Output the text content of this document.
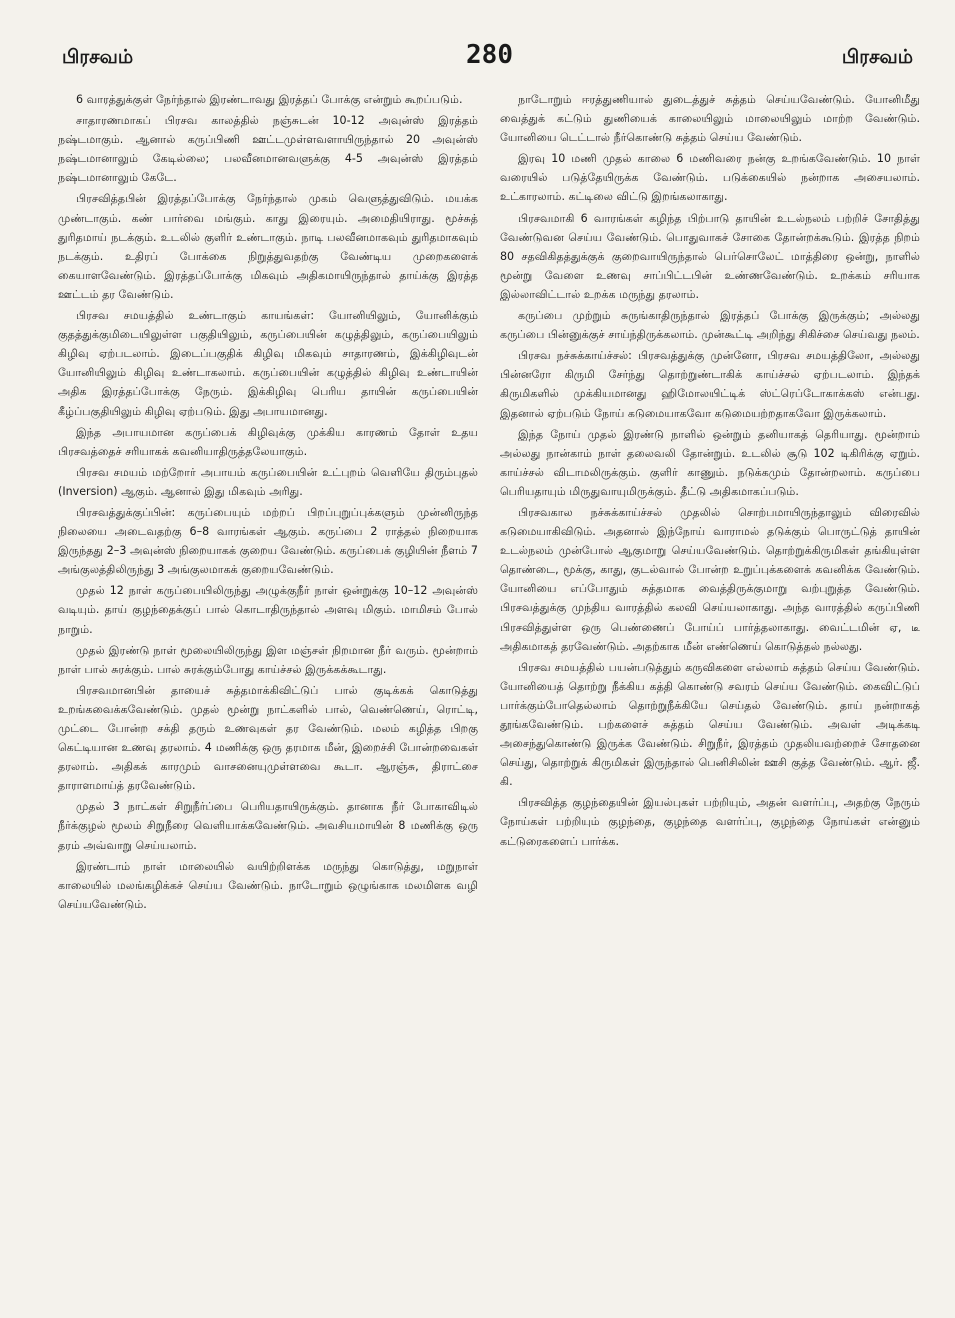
பிரசவம்	280	பிரசவம்

6 வாரத்துக்குள் நேர்ந்தால் இரண்டாவது இரத்தப் போக்கு என்றும் கூறப்படும்.

சாதாரணமாகப் பிரசவ காலத்தில் நஞ்சுடன் 10-12 அவுன்ஸ் இரத்தம் நஷ்டமாகும். ஆனால் கருப்பிணி ஊட்டமுள்ளவளாயிருந்தால் 20 அவுன்ஸ் நஷ்டமானாலும் கேடில்லை; பலவீனமானவளுக்கு 4-5 அவுன்ஸ் இரத்தம் நஷ்டமானாலும் கேடே.

பிரசவித்தபின் இரத்தப்போக்கு நேர்ந்தால் முகம் வெளுத்துவிடும். மயக்க முண்டாகும். கண் பார்வை மங்கும். காது இரையும். அமைதியிராது. மூச்சுத் துரிதமாய் நடக்கும். உடலில் குளிர் உண்டாகும். நாடி பலவீனமாகவும் துரிதமாகவும் நடக்கும். உதிரப் போக்கை நிறுத்துவதற்கு வேண்டிய முறைகளைக் கையாளவேண்டும். இரத்தப்போக்கு மிகவும் அதிகமாயிருந்தால் தாய்க்கு இரத்த ஊட்டம் தர வேண்டும்.

பிரசவ சமயத்தில் உண்டாகும் காயங்கள்: யோனியிலும், யோனிக்கும் குதத்துக்குமிடையிலுள்ள பகுதியிலும், கருப்பையின் கழுத்திலும், கருப்பையிலும் கிழிவு ஏற்படலாம். இடைப்பகுதிக் கிழிவு மிகவும் சாதாரணம், இக்கிழிவுடன் யோனியிலும் கிழிவு உண்டாகலாம். கருப்பையின் கழுத்தில் கிழிவு உண்டாயின் அதிக இரத்தப்போக்கு நேரும். இக்கிழிவு பெரிய தாயின் கருப்பையின் கீழ்ப்பகுதியிலும் கிழிவு ஏற்படும். இது அபாயமானது.

இந்த அபாயமான கருப்பைக் கிழிவுக்கு முக்கிய காரணம் தோள் உதய பிரசவத்தைச் சரியாகக் கவனியாதிருத்தலேயாகும்.

பிரசவ சமயம் மற்றோர் அபாயம் கருப்பையின் உட்புறம் வெளியே திரும்புதல் (Inversion) ஆகும். ஆனால் இது மிகவும் அரிது.

பிரசவத்துக்குப்பின்: கருப்பையும் மற்றப் பிறப்புறுப்புக்களும் முன்னிருந்த நிலையை அடைவதற்கு 6–8 வாரங்கள் ஆகும். கருப்பை 2 ராத்தல் நிறையாக இருந்தது 2–3 அவுன்ஸ் நிறையாகக் குறைய வேண்டும். கருப்பைக் குழியின் நீளம் 7 அங்குலத்திலிருந்து 3 அங்குலமாகக் குறையவேண்டும்.

முதல் 12 நாள் கருப்பையிலிருந்து அழுக்குநீர் நாள் ஒன்றுக்கு 10–12 அவுன்ஸ் வடியும். தாய் குழந்தைக்குப் பால் கொடாதிருந்தால் அளவு மிகும். மாமிசம் போல் நாறும்.

முதல் இரண்டு நாள் மூலையிலிருந்து இள மஞ்சள் நிறமான நீர் வரும். மூன்றாம் நாள் பால் சுரக்கும். பால் சுரக்கும்போது காய்ச்சல் இருக்கக்கூடாது.

பிரசவமானபின் தாயைச் சுத்தமாக்கிவிட்டுப் பால் குடிக்கக் கொடுத்து உறங்கவைக்கவேண்டும். முதல் மூன்று நாட்களில் பால், வெண்ணெய், ரொட்டி, முட்டை போன்ற சக்தி தரும் உணவுகள் தர வேண்டும். மலம் கழித்த பிறகு கெட்டியான உணவு தரலாம். 4 மணிக்கு ஒரு தரமாக மீன், இறைச்சி போன்றவைகள் தரலாம். அதிகக் காரமும் வாசனையுமுள்ளவை கூடா. ஆரஞ்சு, திராட்சை தாராளமாய்த் தரவேண்டும்.

முதல் 3 நாட்கள் சிறுநீர்ப்பை பெரியதாயிருக்கும். தானாக நீர் போகாவிடில் நீர்க்குழல் மூலம் சிறுநீரை வெளியாக்கவேண்டும். அவசியமாயின் 8 மணிக்கு ஒரு தரம் அவ்வாறு செய்யலாம்.

இரண்டாம் நாள் மாலையில் வயிற்றிளக்க மருந்து கொடுத்து, மறுநாள் காலையில் மலங்கழிக்கச் செய்ய வேண்டும். நாடோறும் ஒழுங்காக மலமிளக வழி செய்யவேண்டும்.

நாடோறும் ஈரத்துணியால் துடைத்துச் சுத்தம் செய்யவேண்டும். யோனிமீது வைத்துக் கட்டும் துணியைக் காலையிலும் மாலையிலும் மாற்ற வேண்டும். யோனியை டெட்டால் நீர்கொண்டு சுத்தம் செய்ய வேண்டும்.

இரவு 10 மணி முதல் காலை 6 மணிவரை நன்கு உறங்கவேண்டும். 10 நாள் வரையில் படுத்தேயிருக்க வேண்டும். படுக்கையில் நன்றாக அசையலாம். உட்காரலாம். கட்டிலை விட்டு இறங்கலாகாது.

பிரசவமாகி 6 வாரங்கள் கழிந்த பிற்பாடு தாயின் உடல்நலம் பற்றிச் சோதித்து வேண்டுவன செய்ய வேண்டும். பொதுவாகச் சோகை தோன்றக்கூடும். இரத்த நிறம் 80 சதவிகிதத்துக்குக் குறைவாயிருந்தால் பெர்சொலேட் மாத்திரை ஒன்று, நாளில் மூன்று வேளை உணவு சாப்பிட்டபின் உண்ணவேண்டும். உறக்கம் சரியாக இல்லாவிட்டால் உறக்க மருந்து தரலாம்.

கருப்பை முற்றும் சுருங்காதிருந்தால் இரத்தப் போக்கு இருக்கும்; அல்லது கருப்பை பின்னுக்குச் சாய்ந்திருக்கலாம். முன்கூட்டி அறிந்து சிகிச்சை செய்வது நலம்.

பிரசவ நச்சுக்காய்ச்சல்: பிரசவத்துக்கு முன்னோ, பிரசவ சமயத்திலோ, அல்லது பின்னரோ கிருமி சேர்ந்து தொற்றுண்டாகிக் காய்ச்சல் ஏற்படலாம். இந்தக் கிருமிகளில் முக்கியமானது ஹிமோலயிட்டிக் ஸ்ட்ரெப்டோகாக்கஸ் என்பது. இதனால் ஏற்படும் நோய் கடுமையாகவோ கடுமையற்றதாகவோ இருக்கலாம்.

இந்த நோய் முதல் இரண்டு நாளில் ஒன்றும் தனியாகத் தெரியாது. மூன்றாம் அல்லது நான்காம் நாள் தலைவலி தோன்றும். உடலில் சூடு 102 டிகிரிக்கு ஏறும். காய்ச்சல் விடாமலிருக்கும். குளிர் காணும். நடுக்கமும் தோன்றலாம். கருப்பை பெரியதாயும் மிருதுவாயுமிருக்கும். தீட்டு அதிகமாகப்படும்.

பிரசவகால நச்சுக்காய்ச்சல் முதலில் சொற்பமாயிருந்தாலும் விரைவில் கடுமையாகிவிடும். அதனால் இந்நோய் வாராமல் தடுக்கும் பொருட்டுத் தாயின் உடல்நலம் முன்போல் ஆகுமாறு செய்யவேண்டும். தொற்றுக்கிருமிகள் தங்கியுள்ள தொண்டை, மூக்கு, காது, குடல்வால் போன்ற உறுப்புக்களைக் கவனிக்க வேண்டும். யோனியை எப்போதும் சுத்தமாக வைத்திருக்குமாறு வற்புறுத்த வேண்டும். பிரசவத்துக்கு முந்திய வாரத்தில் கலவி செய்யலாகாது. அந்த வாரத்தில் கருப்பிணி பிரசவித்துள்ள ஒரு பெண்ணைப் போய்ப் பார்த்தலாகாது. வைட்டமின் ஏ, டீ அதிகமாகத் தரவேண்டும். அதற்காக மீன் எண்ணெய் கொடுத்தல் நல்லது.

பிரசவ சமயத்தில் பயன்படுத்தும் கருவிகளை எல்லாம் சுத்தம் செய்ய வேண்டும். யோனியைத் தொற்று நீக்கிய கத்தி கொண்டு சவரம் செய்ய வேண்டும். கைவிட்டுப் பார்க்கும்போதெல்லாம் தொற்றுநீக்கியே செய்தல் வேண்டும். தாய் நன்றாகத் தூங்கவேண்டும். பற்களைச் சுத்தம் செய்ய வேண்டும். அவள் அடிக்கடி அசைந்துகொண்டு இருக்க வேண்டும். சிறுநீர், இரத்தம் முதலியவற்றைச் சோதனை செய்து, தொற்றுக் கிருமிகள் இருந்தால் பெனிசிலின் ஊசி குத்த வேண்டும். ஆர். ஜீ. கி.

பிரசவித்த குழந்தையின் இயல்புகள் பற்றியும், அதன் வளர்ப்பு, அதற்கு நேரும் நோய்கள் பற்றியும் குழந்தை, குழந்தை வளர்ப்பு, குழந்தை நோய்கள் என்னும் கட்டுரைகளைப் பார்க்க.
